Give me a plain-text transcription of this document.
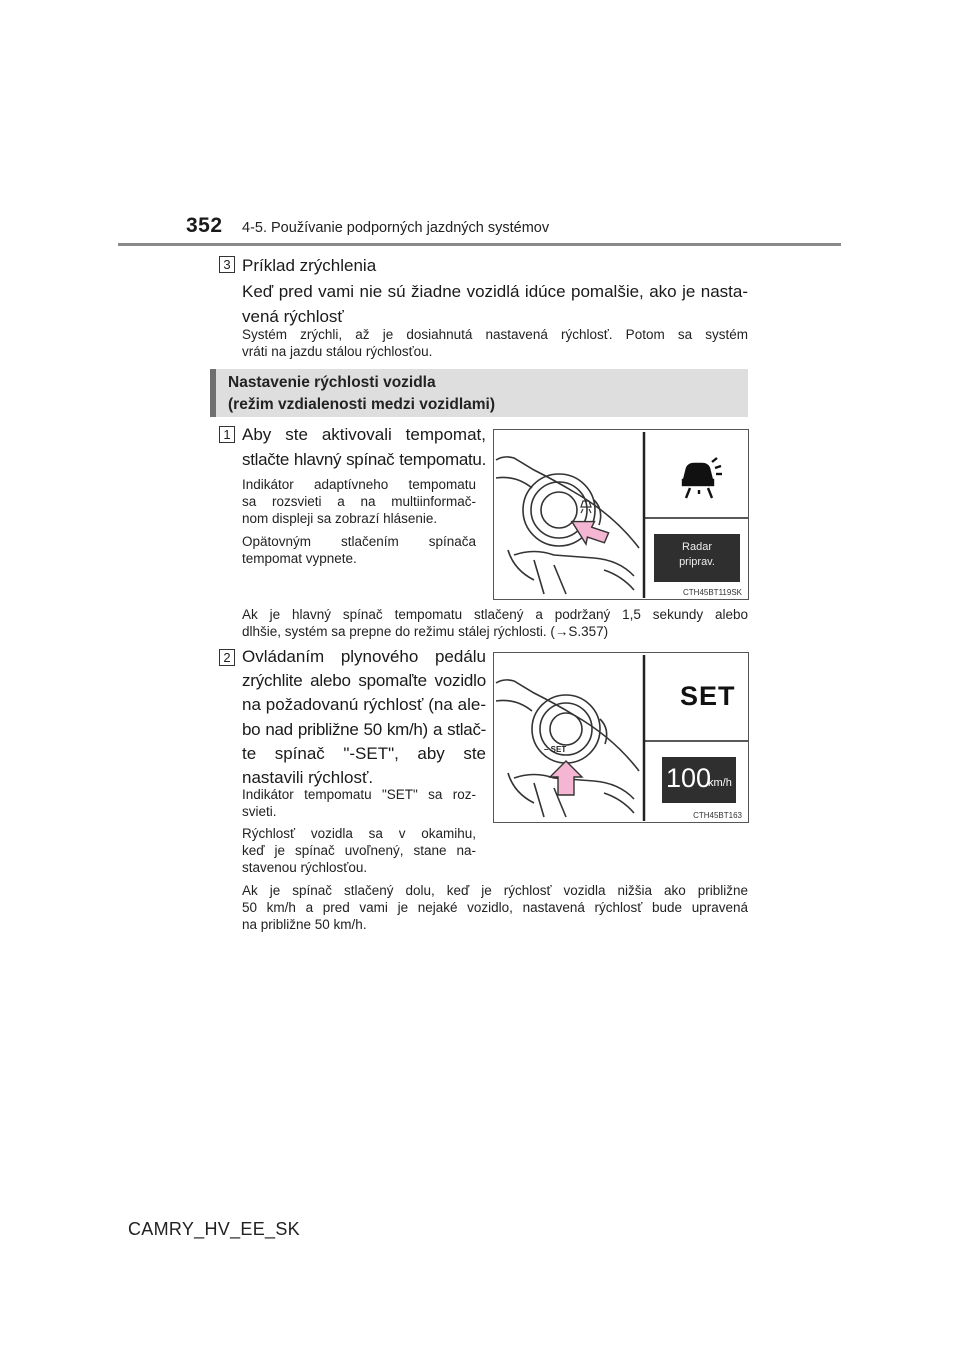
352 4-5. Používanie podporných jazdných systémov
3 Príklad zrýchlenia
Keď pred vami nie sú žiadne vozidlá idúce pomalšie, ako je nasta-
vená rýchlosť
Systém zrýchli, až je dosiahnutá nastavená rýchlosť. Potom sa systém
vráti na jazdu stálou rýchlosťou.
Nastavenie rýchlosti vozidla
(režim vzdialenosti medzi vozidlami)
1 Aby ste aktivovali tempomat,
stlačte hlavný spínač tempomatu.
Indikátor adaptívneho tempomatu
sa rozsvieti a na multiinformač-
nom displeji sa zobrazí hlásenie.
Opätovným stlačením spínača
tempomat vypnete.
Radar
priprav.
CTH45BT119SK
Ak je hlavný spínač tempomatu stlačený a podržaný 1,5 sekundy alebo
dlhšie, systém sa prepne do režimu stálej rýchlosti. (→S.357)
2 Ovládaním plynového pedálu
zrýchlite alebo spomaľte vozidlo
na požadovanú rýchlosť (na ale-
bo nad približne 50 km/h) a stlač-
te spínač "-SET", aby ste
nastavili rýchlosť.
Indikátor tempomatu "SET" sa roz-
svieti.
Rýchlosť vozidla sa v okamihu,
keď je spínač uvoľnený, stane na-
stavenou rýchlosťou.
– SET
SET
100
km/h
CTH45BT163
Ak je spínač stlačený dolu, keď je rýchlosť vozidla nižšia ako približne
50 km/h a pred vami je nejaké vozidlo, nastavená rýchlosť bude upravená
na približne 50 km/h.
CAMRY_HV_EE_SK
